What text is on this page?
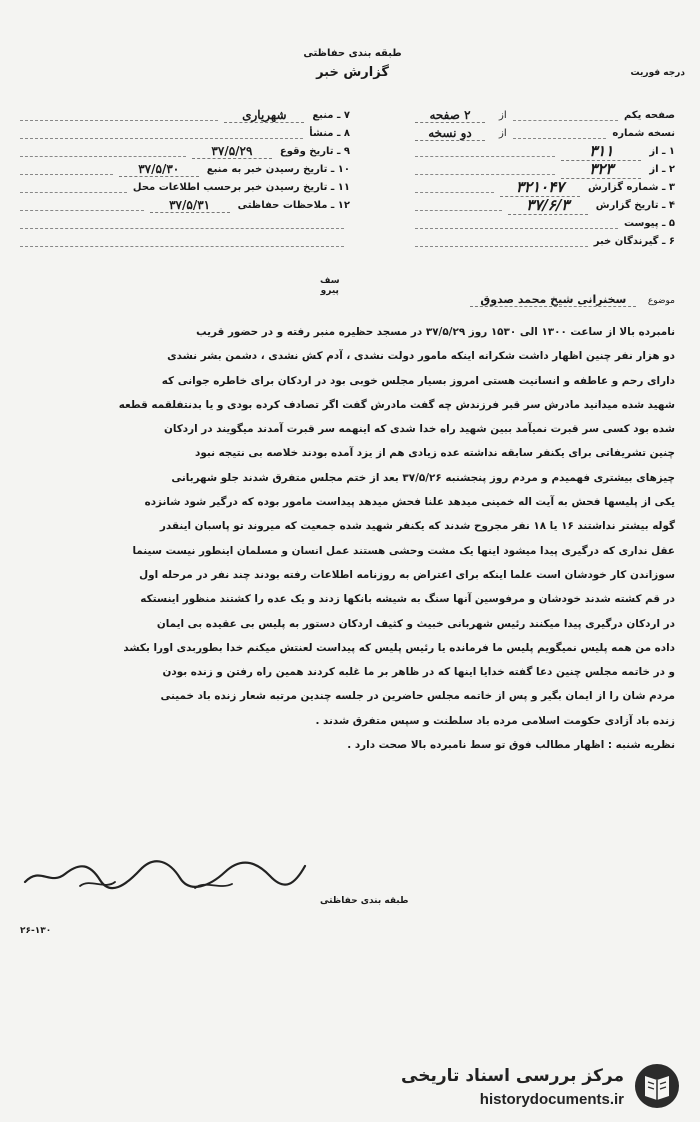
طبقه بندی حفاظتی
گزارش خبر	درجه فوریت
صفحه یکم
از
۲ صفحه
نسخه شماره
از
دو نسخه
۱ ـ از
۳۱۱
۲ ـ از
۳۲۳
۳ ـ شماره گزارش
۳۲۱۰۴۷
۴ ـ تاریخ گزارش
۳۷/۶/۳
۵ ـ پیوست
۶ ـ گیرندگان خبر
۷ ـ منبع
شهریاری
۸ ـ منشأ
۹ ـ تاریخ وقوع
۳۷/۵/۲۹
۱۰ ـ تاریخ رسیدن خبر به منبع
۳۷/۵/۳۰
۱۱ ـ تاریخ رسیدن خبر برحسب اطلاعات محل
۱۲ ـ ملاحظات حفاظتی
۳۷/۵/۳۱
سف
پیرو
موضوع سخنرانی شیخ محمد صدوق

نامبرده بالا از ساعت ۱۳۰۰ الی ۱۵۳۰ روز ۳۷/۵/۲۹ در مسجد حظیره منبر رفته و در حضور قریب

دو هزار نفر چنین اظهار داشت شکرانه اینکه مامور دولت نشدی ، آدم کش نشدی ، دشمن بشر نشدی

دارای رحم و عاطفه و انسانیت هستی امروز بسیار مجلس خوبی بود در اردکان برای خاطره جوانی که

شهید شده میدانید مادرش سر قبر فرزندش چه گفت مادرش گفت اگر تصادف کرده بودی و یا بدنتفلقمه قطعه

شده بود کسی سر قبرت نمیآمد ببین شهید راه خدا شدی که اینهمه سر قبرت آمدند میگویند در اردکان

چنین تشریفاتی برای یکنفر سابقه نداشته عده زیادی هم از یزد آمده بودند خلاصه بی نتیجه نبود

چیزهای بیشتری فهمیدم و مردم روز پنجشنبه ۳۷/۵/۲۶ بعد از ختم مجلس متفرق شدند جلو شهربانی

یکی از پلیسها فحش به آیت اله خمینی میدهد علنا فحش میدهد پیداست مامور بوده که درگیر شود شانزده

گوله بیشتر نداشتند ۱۶ یا ۱۸ نفر مجروح شدند که یکنفر شهید شده جمعیت که میروند تو پاسبان اینقدر

عقل نداری که درگیری پیدا میشود اینها یک مشت وحشی هستند عمل انسان و مسلمان اینطور نیست سینما

سوزاندن کار خودشان است علما اینکه برای اعتراض به روزنامه اطلاعات رفته بودند چند نفر در مرحله اول

در قم کشته شدند خودشان و مرفوسین آنها سنگ به شیشه بانکها زدند و یک عده را کشتند منظور اینستکه

در اردکان درگیری پیدا میکنند رئیس شهربانی خبیث و کثیف اردکان دستور به پلیس بی عقیده بی ایمان

داده من همه پلیس نمیگویم پلیس ما فرمانده یا رئیس پلیس که پیداست لعنتش میکنم خدا بطوربدی اورا بکشد

و در خاتمه مجلس چنین دعا گفته خدایا اینها که در ظاهر بر ما غلبه کردند همین راه رفتن و زنده بودن

مردم شان را از ایمان بگیر و پس از خاتمه مجلس حاضرین در جلسه چندین مرتبه شعار زنده باد خمینی

زنده باد آزادی حکومت اسلامی مرده باد سلطنت و سپس متفرق شدند .

نظریه شنبه : اظهار مطالب فوق تو سط نامبرده بالا صحت دارد .

طبقه بندی حفاظتی
۲۶-۱۳۰
مرکز بررسی اسناد تاریخی
historydocuments.ir
